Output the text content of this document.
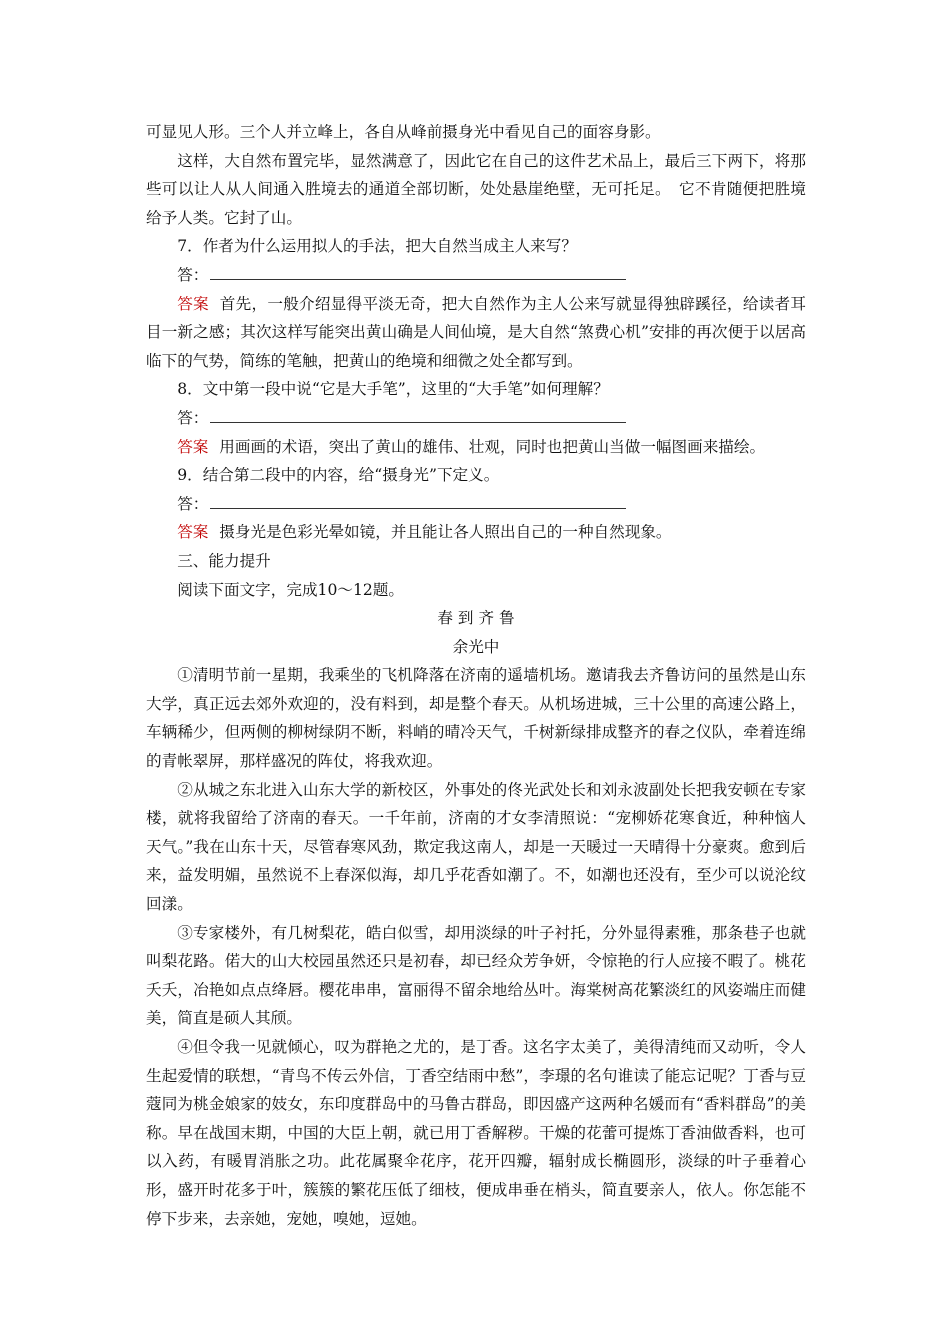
可显见人形。三个人并立峰上，各自从峰前摄身光中看见自己的面容身影。

这样，大自然布置完毕，显然满意了，因此它在自己的这件艺术品上，最后三下两下，将那些可以让人从人间通入胜境去的通道全部切断，处处悬崖绝壁，无可托足。　它不肯随便把胜境给予人类。它封了山。

7．作者为什么运用拟人的手法，把大自然当成主人来写？

答：

答案 首先，一般介绍显得平淡无奇，把大自然作为主人公来写就显得独辟蹊径，给读者耳目一新之感；其次这样写能突出黄山确是人间仙境，是大自然“煞费心机”安排的再次便于以居高临下的气势，简练的笔触，把黄山的绝境和细微之处全都写到。

8．文中第一段中说“它是大手笔”，这里的“大手笔”如何理解？

答：

答案 用画画的术语，突出了黄山的雄伟、壮观，同时也把黄山当做一幅图画来描绘。

9．结合第二段中的内容，给“摄身光”下定义。

答：

答案 摄身光是色彩光晕如镜，并且能让各人照出自己的一种自然现象。

三、能力提升

阅读下面文字，完成10～12题。

春 到 齐 鲁

余光中

①清明节前一星期，我乘坐的飞机降落在济南的遥墙机场。邀请我去齐鲁访问的虽然是山东大学，真正远去郊外欢迎的，没有料到，却是整个春天。从机场进城，三十公里的高速公路上，车辆稀少，但两侧的柳树绿阴不断，料峭的晴冷天气，千树新绿排成整齐的春之仪队，牵着连绵的青帐翠屏，那样盛况的阵仗，将我欢迎。

②从城之东北进入山东大学的新校区，外事处的佟光武处长和刘永波副处长把我安顿在专家楼，就将我留给了济南的春天。一千年前，济南的才女李清照说：“宠柳娇花寒食近，种种恼人天气。”我在山东十天，尽管春寒风劲，欺定我这南人，却是一天暖过一天晴得十分豪爽。愈到后来，益发明媚，虽然说不上春深似海，却几乎花香如潮了。不，如潮也还没有，至少可以说沦纹回漾。

③专家楼外，有几树梨花，皓白似雪，却用淡绿的叶子衬托，分外显得素雅，那条巷子也就叫梨花路。偌大的山大校园虽然还只是初春，却已经众芳争妍，令惊艳的行人应接不暇了。桃花夭夭，冶艳如点点绛唇。樱花串串，富丽得不留余地给丛叶。海棠树高花繁淡红的风姿端庄而健美，简直是硕人其颀。

④但令我一见就倾心，叹为群艳之尤的，是丁香。这名字太美了，美得清纯而又动听，令人生起爱情的联想，“青鸟不传云外信，丁香空结雨中愁”，李璟的名句谁读了能忘记呢？丁香与豆蔻同为桃金娘家的妓女，东印度群岛中的马鲁古群岛，即因盛产这两种名媛而有“香料群岛”的美称。早在战国末期，中国的大臣上朝，就已用丁香解秽。干燥的花蕾可提炼丁香油做香料，也可以入药，有暖胃消胀之功。此花属聚伞花序，花开四瓣，辐射成长椭圆形，淡绿的叶子垂着心形，盛开时花多于叶，簇簇的繁花压低了细枝，便成串垂在梢头，简直要亲人，依人。你怎能不停下步来，去亲她，宠她，嗅她，逗她。
